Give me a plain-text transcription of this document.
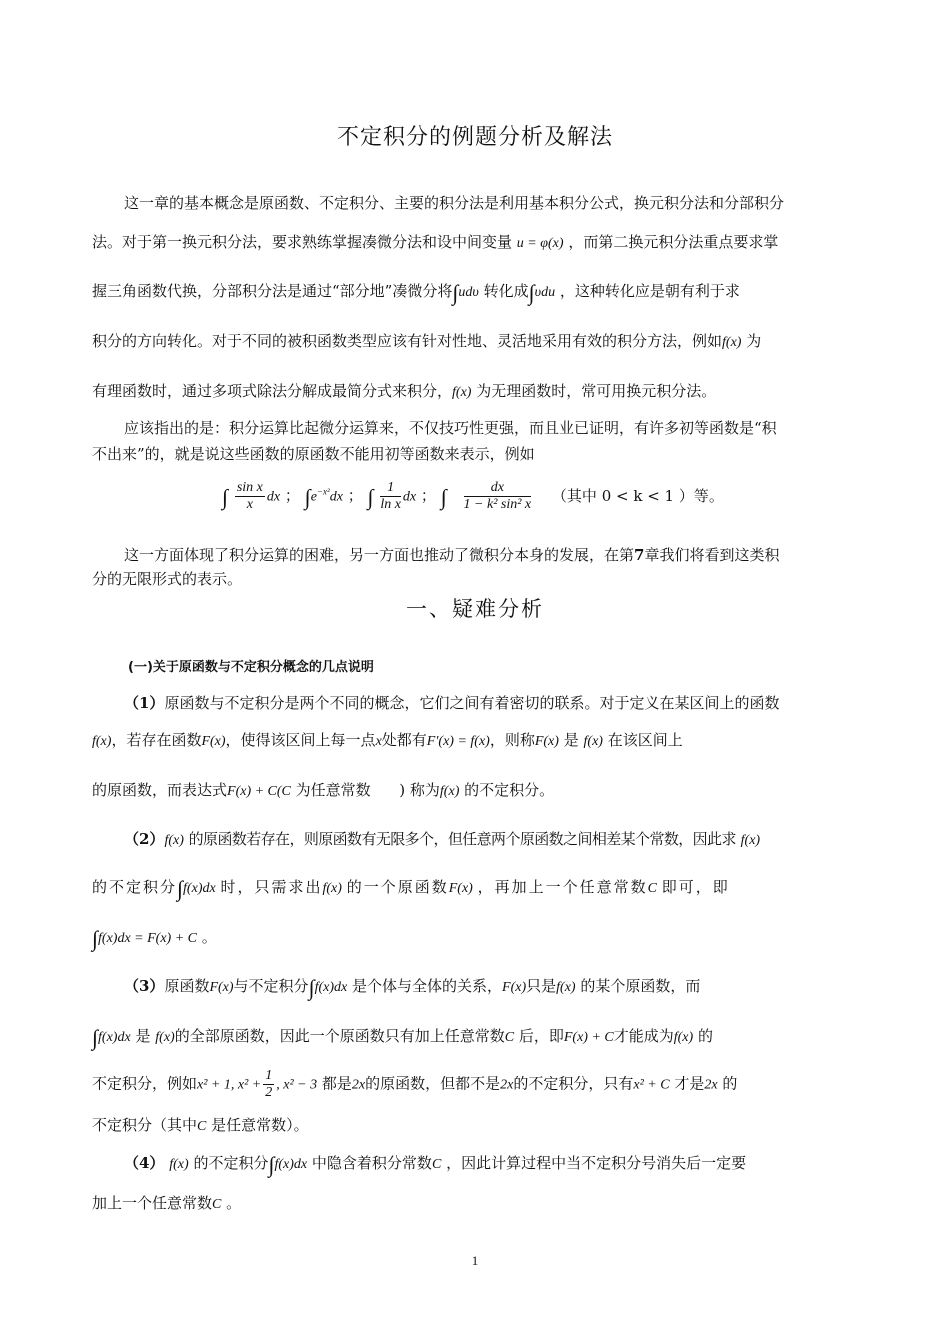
不定积分的例题分析及解法
这一章的基本概念是原函数、不定积分、主要的积分法是利用基本积分公式，换元积分法和分部积分
法。对于第一换元积分法，要求熟练掌握凑微分法和设中间变量 u = φ(x) ，而第二换元积分法重点要求掌
握三角函数代换，分部积分法是通过“部分地”凑微分将∫udυ 转化成∫υdu ，这种转化应是朝有利于求
积分的方向转化。对于不同的被积函数类型应该有针对性地、灵活地采用有效的积分方法，例如f(x) 为
有理函数时，通过多项式除法分解成最简分式来积分，f(x) 为无理函数时，常可用换元积分法。
应该指出的是：积分运算比起微分运算来，不仅技巧性更强，而且业已证明，有许多初等函数是“积
不出来”的，就是说这些函数的原函数不能用初等函数来表示，例如
∫ $\frac{\text{sin x}}{x}$ dx ； $\int e^{-x^2}dx$ ； ∫ $\frac{1}{\text{ln x}}$ dx ； ∫ $\frac{dx}{\text{1 − k² sin² x}}$ （其中 0 < k < 1 ）等。
这一方面体现了积分运算的困难，另一方面也推动了微积分本身的发展，在第7章我们将看到这类积
分的无限形式的表示。
一、疑难分析
(一)关于原函数与不定积分概念的几点说明
（1）原函数与不定积分是两个不同的概念，它们之间有着密切的联系。对于定义在某区间上的函数
f(x)，若存在函数F(x)，使得该区间上每一点x处都有F′(x) = f(x)，则称F(x) 是 f(x) 在该区间上
的原函数，而表达式F(x) + C(C 为任意常数 ) 称为f(x) 的不定积分。
（2）f(x) 的原函数若存在，则原函数有无限多个，但任意两个原函数之间相差某个常数，因此求 f(x)
的不定积分∫f(x)dx 时，只需求出f(x) 的一个原函数F(x) ，再加上一个任意常数C 即可，即
∫f(x)dx = F(x) + C 。
（3）原函数F(x)与不定积分∫f(x)dx 是个体与全体的关系，F(x)只是f(x) 的某个原函数，而
∫f(x)dx 是 f(x)的全部原函数，因此一个原函数只有加上任意常数C 后，即F(x) + C才能成为f(x) 的
不定积分，例如x² + 1, $x^2 + \frac{1}{2}$ , x² − 3 都是2x的原函数，但都不是2x的不定积分，只有x² + C 才是2x 的
不定积分（其中C 是任意常数）。
（4） f(x) 的不定积分∫f(x)dx 中隐含着积分常数C ，因此计算过程中当不定积分号消失后一定要
加上一个任意常数C 。
1
